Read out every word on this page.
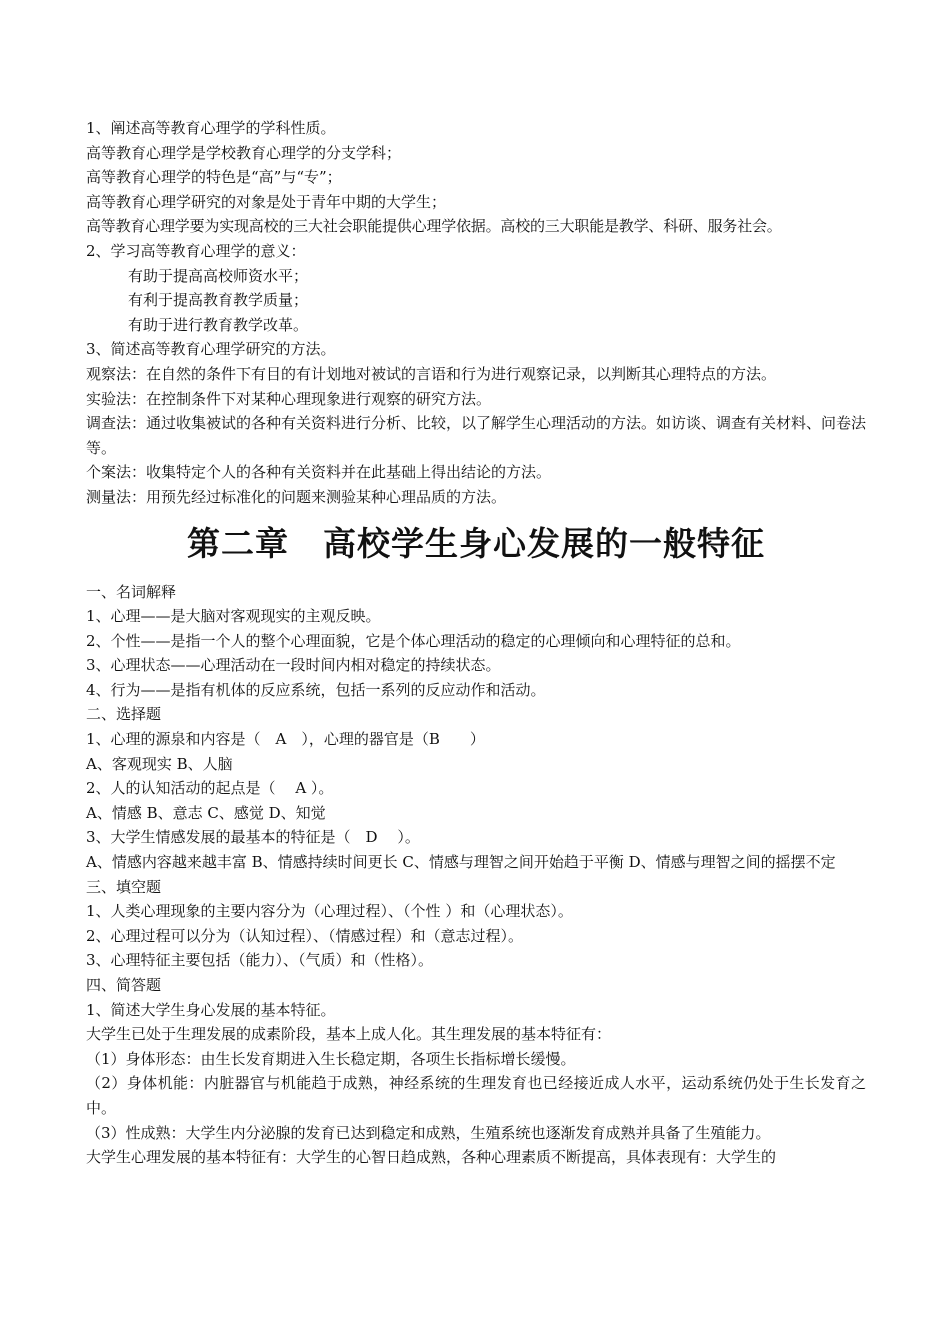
1、阐述高等教育心理学的学科性质。
高等教育心理学是学校教育心理学的分支学科；
高等教育心理学的特色是“高”与“专”；
高等教育心理学研究的对象是处于青年中期的大学生；
高等教育心理学要为实现高校的三大社会职能提供心理学依据。高校的三大职能是教学、科研、服务社会。
2、学习高等教育心理学的意义：
有助于提高高校师资水平；
有利于提高教育教学质量；
有助于进行教育教学改革。
3、简述高等教育心理学研究的方法。
观察法：在自然的条件下有目的有计划地对被试的言语和行为进行观察记录，以判断其心理特点的方法。
实验法：在控制条件下对某种心理现象进行观察的研究方法。
调查法：通过收集被试的各种有关资料进行分析、比较，以了解学生心理活动的方法。如访谈、调查有关材料、问卷法等。
个案法：收集特定个人的各种有关资料并在此基础上得出结论的方法。
测量法：用预先经过标准化的问题来测验某种心理品质的方法。
第二章　高校学生身心发展的一般特征
一、名词解释
1、心理——是大脑对客观现实的主观反映。
2、个性——是指一个人的整个心理面貌，它是个体心理活动的稳定的心理倾向和心理特征的总和。
3、心理状态——心理活动在一段时间内相对稳定的持续状态。
4、行为——是指有机体的反应系统，包括一系列的反应动作和活动。
二、选择题
1、心理的源泉和内容是（　A　），心理的器官是（B　　）
A、客观现实 B、人脑
2、人的认知活动的起点是（　 A ）。
A、情感 B、意志 C、感觉 D、知觉
3、大学生情感发展的最基本的特征是（　D　 ）。
A、情感内容越来越丰富 B、情感持续时间更长 C、情感与理智之间开始趋于平衡 D、情感与理智之间的摇摆不定
三、填空题
1、人类心理现象的主要内容分为（心理过程）、（个性 ）和（心理状态）。
2、心理过程可以分为（认知过程）、（情感过程）和（意志过程）。
3、心理特征主要包括（能力）、（气质）和（性格）。
四、简答题
1、简述大学生身心发展的基本特征。
大学生已处于生理发展的成素阶段，基本上成人化。其生理发展的基本特征有：
（1）身体形态：由生长发育期进入生长稳定期，各项生长指标增长缓慢。
（2）身体机能：内脏器官与机能趋于成熟，神经系统的生理发育也已经接近成人水平，运动系统仍处于生长发育之中。
（3）性成熟：大学生内分泌腺的发育已达到稳定和成熟，生殖系统也逐渐发育成熟并具备了生殖能力。
大学生心理发展的基本特征有：大学生的心智日趋成熟，各种心理素质不断提高，具体表现有：大学生的
